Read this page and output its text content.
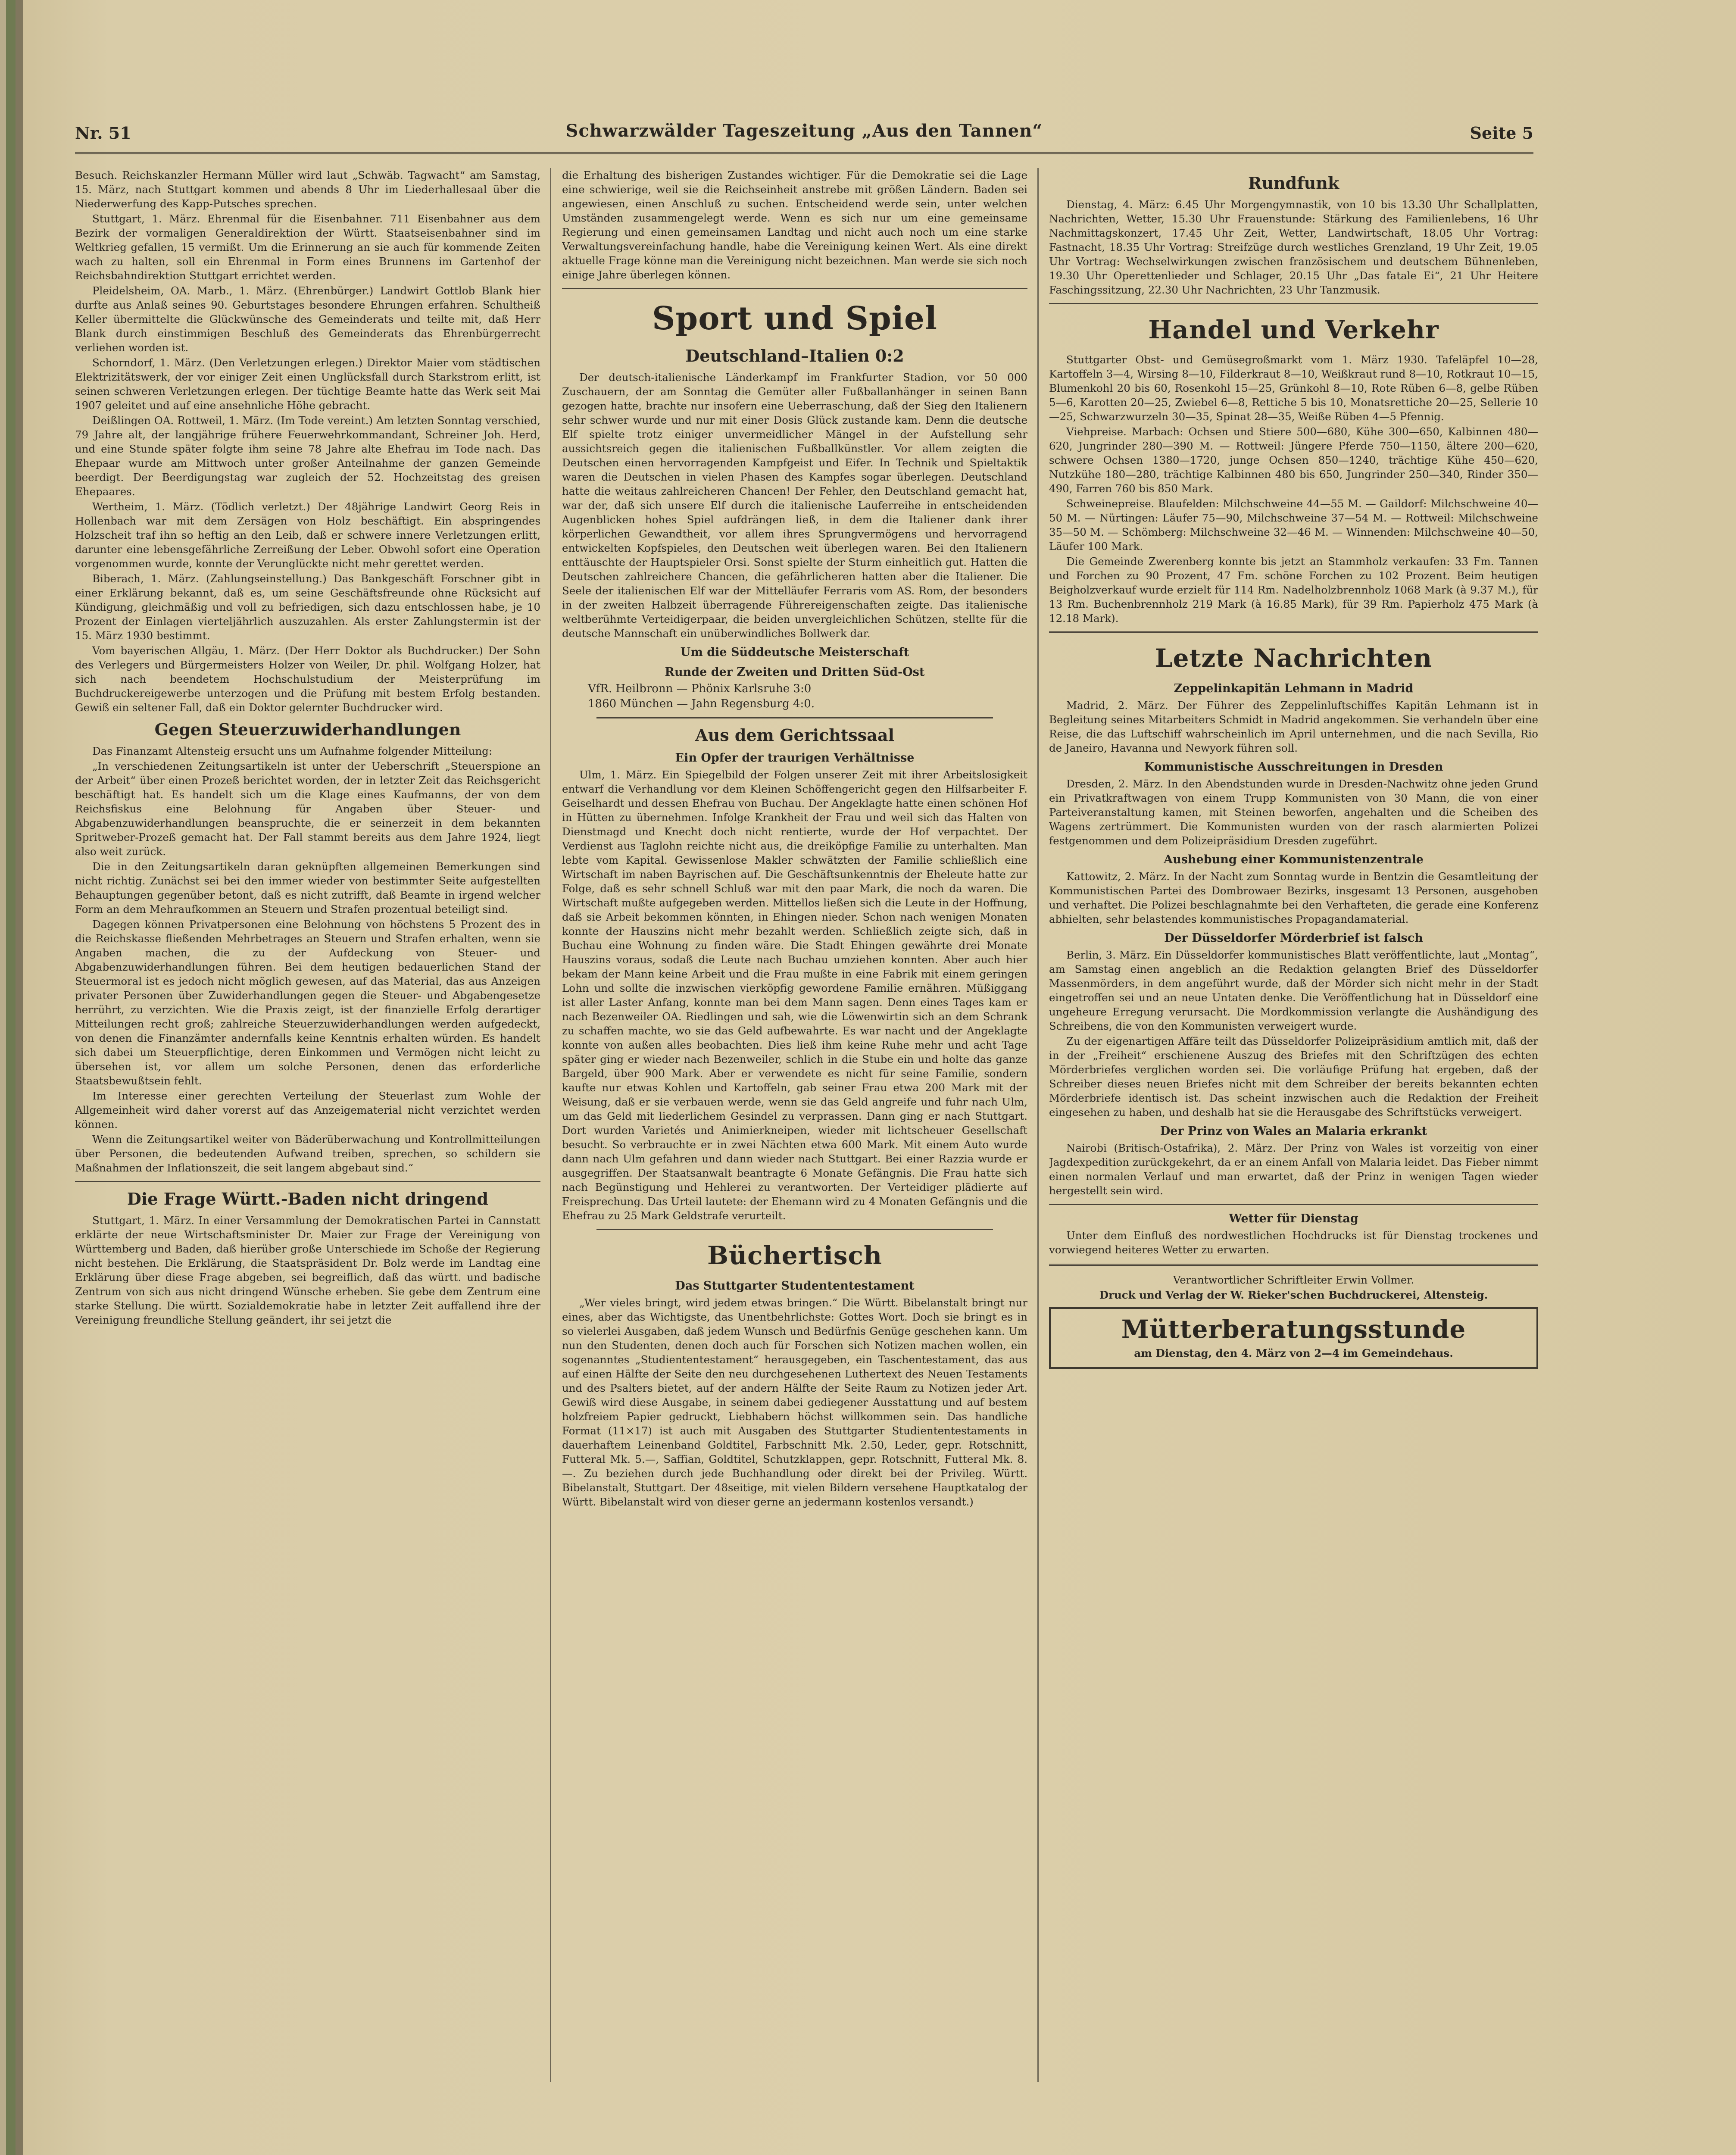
Nr. 51	Schwarzwälder Tageszeitung „Aus den Tannen“	Seite 5

Besuch. Reichskanzler Hermann Müller wird laut „Schwäb. Tagwacht“ am Samstag, 15. März, nach Stuttgart kommen und abends 8 Uhr im Liederhallesaal über die Niederwerfung des Kapp-Putsches sprechen.

Stuttgart, 1. März. Ehrenmal für die Eisenbahner. 711 Eisenbahner aus dem Bezirk der vormaligen Generaldirektion der Württ. Staatseisenbahner sind im Weltkrieg gefallen, 15 vermißt. Um die Erinnerung an sie auch für kommende Zeiten wach zu halten, soll ein Ehrenmal in Form eines Brunnens im Gartenhof der Reichsbahndirektion Stuttgart errichtet werden.

Pleidelsheim, OA. Marb., 1. März. (Ehrenbürger.) Landwirt Gottlob Blank hier durfte aus Anlaß seines 90. Geburtstages besondere Ehrungen erfahren. Schultheiß Keller übermittelte die Glückwünsche des Gemeinderats und teilte mit, daß Herr Blank durch einstimmigen Beschluß des Gemeinderats das Ehrenbürgerrecht verliehen worden ist.

Schorndorf, 1. März. (Den Verletzungen erlegen.) Direktor Maier vom städtischen Elektrizitätswerk, der vor einiger Zeit einen Unglücksfall durch Starkstrom erlitt, ist seinen schweren Verletzungen erlegen. Der tüchtige Beamte hatte das Werk seit Mai 1907 geleitet und auf eine ansehnliche Höhe gebracht.

Deißlingen OA. Rottweil, 1. März. (Im Tode vereint.) Am letzten Sonntag verschied, 79 Jahre alt, der langjährige frühere Feuerwehrkommandant, Schreiner Joh. Herd, und eine Stunde später folgte ihm seine 78 Jahre alte Ehefrau im Tode nach. Das Ehepaar wurde am Mittwoch unter großer Anteilnahme der ganzen Gemeinde beerdigt. Der Beerdigungstag war zugleich der 52. Hochzeitstag des greisen Ehepaares.

Wertheim, 1. März. (Tödlich verletzt.) Der 48jährige Landwirt Georg Reis in Hollenbach war mit dem Zersägen von Holz beschäftigt. Ein abspringendes Holzscheit traf ihn so heftig an den Leib, daß er schwere innere Verletzungen erlitt, darunter eine lebensgefährliche Zerreißung der Leber. Obwohl sofort eine Operation vorgenommen wurde, konnte der Verunglückte nicht mehr gerettet werden.

Biberach, 1. März. (Zahlungseinstellung.) Das Bankgeschäft Forschner gibt in einer Erklärung bekannt, daß es, um seine Geschäftsfreunde ohne Rücksicht auf Kündigung, gleichmäßig und voll zu befriedigen, sich dazu entschlossen habe, je 10 Prozent der Einlagen vierteljährlich auszuzahlen. Als erster Zahlungstermin ist der 15. März 1930 bestimmt.

Vom bayerischen Allgäu, 1. März. (Der Herr Doktor als Buchdrucker.) Der Sohn des Verlegers und Bürgermeisters Holzer von Weiler, Dr. phil. Wolfgang Holzer, hat sich nach beendetem Hochschulstudium der Meisterprüfung im Buchdruckereigewerbe unterzogen und die Prüfung mit bestem Erfolg bestanden. Gewiß ein seltener Fall, daß ein Doktor gelernter Buchdrucker wird.

Gegen Steuerzuwiderhandlungen

Das Finanzamt Altensteig ersucht uns um Aufnahme folgender Mitteilung:

„In verschiedenen Zeitungsartikeln ist unter der Ueberschrift „Steuerspione an der Arbeit“ über einen Prozeß berichtet worden, der in letzter Zeit das Reichsgericht beschäftigt hat. Es handelt sich um die Klage eines Kaufmanns, der von dem Reichsfiskus eine Belohnung für Angaben über Steuer- und Abgabenzuwiderhandlungen beanspruchte, die er seinerzeit in dem bekannten Spritweber-Prozeß gemacht hat. Der Fall stammt bereits aus dem Jahre 1924, liegt also weit zurück.

Die in den Zeitungsartikeln daran geknüpften allgemeinen Bemerkungen sind nicht richtig. Zunächst sei bei den immer wieder von bestimmter Seite aufgestellten Behauptungen gegenüber betont, daß es nicht zutrifft, daß Beamte in irgend welcher Form an dem Mehraufkommen an Steuern und Strafen prozentual beteiligt sind.

Dagegen können Privatpersonen eine Belohnung von höchstens 5 Prozent des in die Reichskasse fließenden Mehrbetrages an Steuern und Strafen erhalten, wenn sie Angaben machen, die zu der Aufdeckung von Steuer- und Abgabenzuwiderhandlungen führen. Bei dem heutigen bedauerlichen Stand der Steuermoral ist es jedoch nicht möglich gewesen, auf das Material, das aus Anzeigen privater Personen über Zuwiderhandlungen gegen die Steuer- und Abgabengesetze herrührt, zu verzichten. Wie die Praxis zeigt, ist der finanzielle Erfolg derartiger Mitteilungen recht groß; zahlreiche Steuerzuwiderhandlungen werden aufgedeckt, von denen die Finanzämter andernfalls keine Kenntnis erhalten würden. Es handelt sich dabei um Steuerpflichtige, deren Einkommen und Vermögen nicht leicht zu übersehen ist, vor allem um solche Personen, denen das erforderliche Staatsbewußtsein fehlt.

Im Interesse einer gerechten Verteilung der Steuerlast zum Wohle der Allgemeinheit wird daher vorerst auf das Anzeigematerial nicht verzichtet werden können.

Wenn die Zeitungsartikel weiter von Bäderüberwachung und Kontrollmitteilungen über Personen, die bedeutenden Aufwand treiben, sprechen, so schildern sie Maßnahmen der Inflationszeit, die seit langem abgebaut sind.“

Die Frage Württ.-Baden nicht dringend

Stuttgart, 1. März. In einer Versammlung der Demokratischen Partei in Cannstatt erklärte der neue Wirtschaftsminister Dr. Maier zur Frage der Vereinigung von Württemberg und Baden, daß hierüber große Unterschiede im Schoße der Regierung nicht bestehen. Die Erklärung, die Staatspräsident Dr. Bolz werde im Landtag eine Erklärung über diese Frage abgeben, sei begreiflich, daß das württ. und badische Zentrum von sich aus nicht dringend Wünsche erheben. Sie gebe dem Zentrum eine starke Stellung. Die württ. Sozialdemokratie habe in letzter Zeit auffallend ihre der Vereinigung freundliche Stellung geändert, ihr sei jetzt die

die Erhaltung des bisherigen Zustandes wichtiger. Für die Demokratie sei die Lage eine schwierige, weil sie die Reichseinheit anstrebe mit größen Ländern. Baden sei angewiesen, einen Anschluß zu suchen. Entscheidend werde sein, unter welchen Umständen zusammengelegt werde. Wenn es sich nur um eine gemeinsame Regierung und einen gemeinsamen Landtag und nicht auch noch um eine starke Verwaltungsvereinfachung handle, habe die Vereinigung keinen Wert. Als eine direkt aktuelle Frage könne man die Vereinigung nicht bezeichnen. Man werde sie sich noch einige Jahre überlegen können.

Sport und Spiel
Deutschland–Italien 0:2

Der deutsch-italienische Länderkampf im Frankfurter Stadion, vor 50 000 Zuschauern, der am Sonntag die Gemüter aller Fußballanhänger in seinen Bann gezogen hatte, brachte nur insofern eine Ueberraschung, daß der Sieg den Italienern sehr schwer wurde und nur mit einer Dosis Glück zustande kam. Denn die deutsche Elf spielte trotz einiger unvermeidlicher Mängel in der Aufstellung sehr aussichtsreich gegen die italienischen Fußballkünstler. Vor allem zeigten die Deutschen einen hervorragenden Kampfgeist und Eifer. In Technik und Spieltaktik waren die Deutschen in vielen Phasen des Kampfes sogar überlegen. Deutschland hatte die weitaus zahlreicheren Chancen! Der Fehler, den Deutschland gemacht hat, war der, daß sich unsere Elf durch die italienische Lauferreihe in entscheidenden Augenblicken hohes Spiel aufdrängen ließ, in dem die Italiener dank ihrer körperlichen Gewandtheit, vor allem ihres Sprungvermögens und hervorragend entwickelten Kopfspieles, den Deutschen weit überlegen waren. Bei den Italienern enttäuschte der Hauptspieler Orsi. Sonst spielte der Sturm einheitlich gut. Hatten die Deutschen zahlreichere Chancen, die gefährlicheren hatten aber die Italiener. Die Seele der italienischen Elf war der Mittelläufer Ferraris vom AS. Rom, der besonders in der zweiten Halbzeit überragende Führereigenschaften zeigte. Das italienische weltberühmte Verteidigerpaar, die beiden unvergleichlichen Schützen, stellte für die deutsche Mannschaft ein unüberwindliches Bollwerk dar.

Um die Süddeutsche Meisterschaft
Runde der Zweiten und Dritten Süd-Ost

VfR. Heilbronn — Phönix Karlsruhe 3:0

1860 München — Jahn Regensburg 4:0.

Aus dem Gerichtssaal
Ein Opfer der traurigen Verhältnisse

Ulm, 1. März. Ein Spiegelbild der Folgen unserer Zeit mit ihrer Arbeitslosigkeit entwarf die Verhandlung vor dem Kleinen Schöffengericht gegen den Hilfsarbeiter F. Geiselhardt und dessen Ehefrau von Buchau. Der Angeklagte hatte einen schönen Hof in Hütten zu übernehmen. Infolge Krankheit der Frau und weil sich das Halten von Dienstmagd und Knecht doch nicht rentierte, wurde der Hof verpachtet. Der Verdienst aus Taglohn reichte nicht aus, die dreiköpfige Familie zu unterhalten. Man lebte vom Kapital. Gewissenlose Makler schwätzten der Familie schließlich eine Wirtschaft im naben Bayrischen auf. Die Geschäftsunkenntnis der Eheleute hatte zur Folge, daß es sehr schnell Schluß war mit den paar Mark, die noch da waren. Die Wirtschaft mußte aufgegeben werden. Mittellos ließen sich die Leute in der Hoffnung, daß sie Arbeit bekommen könnten, in Ehingen nieder. Schon nach wenigen Monaten konnte der Hauszins nicht mehr bezahlt werden. Schließlich zeigte sich, daß in Buchau eine Wohnung zu finden wäre. Die Stadt Ehingen gewährte drei Monate Hauszins voraus, sodaß die Leute nach Buchau umziehen konnten. Aber auch hier bekam der Mann keine Arbeit und die Frau mußte in eine Fabrik mit einem geringen Lohn und sollte die inzwischen vierköpfig gewordene Familie ernähren. Müßiggang ist aller Laster Anfang, konnte man bei dem Mann sagen. Denn eines Tages kam er nach Bezenweiler OA. Riedlingen und sah, wie die Löwenwirtin sich an dem Schrank zu schaffen machte, wo sie das Geld aufbewahrte. Es war nacht und der Angeklagte konnte von außen alles beobachten. Dies ließ ihm keine Ruhe mehr und acht Tage später ging er wieder nach Bezenweiler, schlich in die Stube ein und holte das ganze Bargeld, über 900 Mark. Aber er verwendete es nicht für seine Familie, sondern kaufte nur etwas Kohlen und Kartoffeln, gab seiner Frau etwa 200 Mark mit der Weisung, daß er sie verbauen werde, wenn sie das Geld angreife und fuhr nach Ulm, um das Geld mit liederlichem Gesindel zu verprassen. Dann ging er nach Stuttgart. Dort wurden Varietés und Animierkneipen, wieder mit lichtscheuer Gesellschaft besucht. So verbrauchte er in zwei Nächten etwa 600 Mark. Mit einem Auto wurde dann nach Ulm gefahren und dann wieder nach Stuttgart. Bei einer Razzia wurde er ausgegriffen. Der Staatsanwalt beantragte 6 Monate Gefängnis. Die Frau hatte sich nach Begünstigung und Hehlerei zu verantworten. Der Verteidiger plädierte auf Freisprechung. Das Urteil lautete: der Ehemann wird zu 4 Monaten Gefängnis und die Ehefrau zu 25 Mark Geldstrafe verurteilt.

Büchertisch
Das Stuttgarter Studententestament

„Wer vieles bringt, wird jedem etwas bringen.“ Die Württ. Bibelanstalt bringt nur eines, aber das Wichtigste, das Unentbehrlichste: Gottes Wort. Doch sie bringt es in so vielerlei Ausgaben, daß jedem Wunsch und Bedürfnis Genüge geschehen kann. Um nun den Studenten, denen doch auch für Forschen sich Notizen machen wollen, ein sogenanntes „Studiententestament“ herausgegeben, ein Taschentestament, das aus auf einen Hälfte der Seite den neu durchgesehenen Luthertext des Neuen Testaments und des Psalters bietet, auf der andern Hälfte der Seite Raum zu Notizen jeder Art. Gewiß wird diese Ausgabe, in seinem dabei gediegener Ausstattung und auf bestem holzfreiem Papier gedruckt, Liebhabern höchst willkommen sein. Das handliche Format (11×17) ist auch mit Ausgaben des Stuttgarter Studiententestaments in dauerhaftem Leinenband Goldtitel, Farbschnitt Mk. 2.50, Leder, gepr. Rotschnitt, Futteral Mk. 5.—, Saffian, Goldtitel, Schutzklappen, gepr. Rotschnitt, Futteral Mk. 8.—. Zu beziehen durch jede Buchhandlung oder direkt bei der Privileg. Württ. Bibelanstalt, Stuttgart. Der 48seitige, mit vielen Bildern versehene Hauptkatalog der Württ. Bibelanstalt wird von dieser gerne an jedermann kostenlos versandt.)

Rundfunk

Dienstag, 4. März: 6.45 Uhr Morgengymnastik, von 10 bis 13.30 Uhr Schallplatten, Nachrichten, Wetter, 15.30 Uhr Frauenstunde: Stärkung des Familienlebens, 16 Uhr Nachmittagskonzert, 17.45 Uhr Zeit, Wetter, Landwirtschaft, 18.05 Uhr Vortrag: Fastnacht, 18.35 Uhr Vortrag: Streifzüge durch westliches Grenzland, 19 Uhr Zeit, 19.05 Uhr Vortrag: Wechselwirkungen zwischen französischem und deutschem Bühnenleben, 19.30 Uhr Operettenlieder und Schlager, 20.15 Uhr „Das fatale Ei“, 21 Uhr Heitere Faschingssitzung, 22.30 Uhr Nachrichten, 23 Uhr Tanzmusik.

Handel und Verkehr

Stuttgarter Obst- und Gemüsegroßmarkt vom 1. März 1930. Tafeläpfel 10—28, Kartoffeln 3—4, Wirsing 8—10, Filderkraut 8—10, Weißkraut rund 8—10, Rotkraut 10—15, Blumenkohl 20 bis 60, Rosenkohl 15—25, Grünkohl 8—10, Rote Rüben 6—8, gelbe Rüben 5—6, Karotten 20—25, Zwiebel 6—8, Rettiche 5 bis 10, Monatsrettiche 20—25, Sellerie 10—25, Schwarzwurzeln 30—35, Spinat 28—35, Weiße Rüben 4—5 Pfennig.

Viehpreise. Marbach: Ochsen und Stiere 500—680, Kühe 300—650, Kalbinnen 480—620, Jungrinder 280—390 M. — Rottweil: Jüngere Pferde 750—1150, ältere 200—620, schwere Ochsen 1380—1720, junge Ochsen 850—1240, trächtige Kühe 450—620, Nutzkühe 180—280, trächtige Kalbinnen 480 bis 650, Jungrinder 250—340, Rinder 350—490, Farren 760 bis 850 Mark.

Schweinepreise. Blaufelden: Milchschweine 44—55 M. — Gaildorf: Milchschweine 40—50 M. — Nürtingen: Läufer 75—90, Milchschweine 37—54 M. — Rottweil: Milchschweine 35—50 M. — Schömberg: Milchschweine 32—46 M. — Winnenden: Milchschweine 40—50, Läufer 100 Mark.

Die Gemeinde Zwerenberg konnte bis jetzt an Stammholz verkaufen: 33 Fm. Tannen und Forchen zu 90 Prozent, 47 Fm. schöne Forchen zu 102 Prozent. Beim heutigen Beigholzverkauf wurde erzielt für 114 Rm. Nadelholzbrennholz 1068 Mark (à 9.37 M.), für 13 Rm. Buchenbrennholz 219 Mark (à 16.85 Mark), für 39 Rm. Papierholz 475 Mark (à 12.18 Mark).

Letzte Nachrichten
Zeppelinkapitän Lehmann in Madrid

Madrid, 2. März. Der Führer des Zeppelinluftschiffes Kapitän Lehmann ist in Begleitung seines Mitarbeiters Schmidt in Madrid angekommen. Sie verhandeln über eine Reise, die das Luftschiff wahrscheinlich im April unternehmen, und die nach Sevilla, Rio de Janeiro, Havanna und Newyork führen soll.

Kommunistische Ausschreitungen in Dresden

Dresden, 2. März. In den Abendstunden wurde in Dresden-Nachwitz ohne jeden Grund ein Privatkraftwagen von einem Trupp Kommunisten von 30 Mann, die von einer Parteiveranstaltung kamen, mit Steinen beworfen, angehalten und die Scheiben des Wagens zertrümmert. Die Kommunisten wurden von der rasch alarmierten Polizei festgenommen und dem Polizeipräsidium Dresden zugeführt.

Aushebung einer Kommunistenzentrale

Kattowitz, 2. März. In der Nacht zum Sonntag wurde in Bentzin die Gesamtleitung der Kommunistischen Partei des Dombrowaer Bezirks, insgesamt 13 Personen, ausgehoben und verhaftet. Die Polizei beschlagnahmte bei den Verhafteten, die gerade eine Konferenz abhielten, sehr belastendes kommunistisches Propagandamaterial.

Der Düsseldorfer Mörderbrief ist falsch

Berlin, 3. März. Ein Düsseldorfer kommunistisches Blatt veröffentlichte, laut „Montag“, am Samstag einen angeblich an die Redaktion gelangten Brief des Düsseldorfer Massenmörders, in dem angeführt wurde, daß der Mörder sich nicht mehr in der Stadt eingetroffen sei und an neue Untaten denke. Die Veröffentlichung hat in Düsseldorf eine ungeheure Erregung verursacht. Die Mordkommission verlangte die Aushändigung des Schreibens, die von den Kommunisten verweigert wurde.

Zu der eigenartigen Affäre teilt das Düsseldorfer Polizeipräsidium amtlich mit, daß der in der „Freiheit“ erschienene Auszug des Briefes mit den Schriftzügen des echten Mörderbriefes verglichen worden sei. Die vorläufige Prüfung hat ergeben, daß der Schreiber dieses neuen Briefes nicht mit dem Schreiber der bereits bekannten echten Mörderbriefe identisch ist. Das scheint inzwischen auch die Redaktion der Freiheit eingesehen zu haben, und deshalb hat sie die Herausgabe des Schriftstücks verweigert.

Der Prinz von Wales an Malaria erkrankt

Nairobi (Britisch-Ostafrika), 2. März. Der Prinz von Wales ist vorzeitig von einer Jagdexpedition zurückgekehrt, da er an einem Anfall von Malaria leidet. Das Fieber nimmt einen normalen Verlauf und man erwartet, daß der Prinz in wenigen Tagen wieder hergestellt sein wird.

Wetter für Dienstag

Unter dem Einfluß des nordwestlichen Hochdrucks ist für Dienstag trockenes und vorwiegend heiteres Wetter zu erwarten.

Verantwortlicher Schriftleiter Erwin Vollmer.

Druck und Verlag der W. Rieker'schen Buchdruckerei, Altensteig.

Mütterberatungsstunde

am Dienstag, den 4. März von 2—4 im Gemeindehaus.
